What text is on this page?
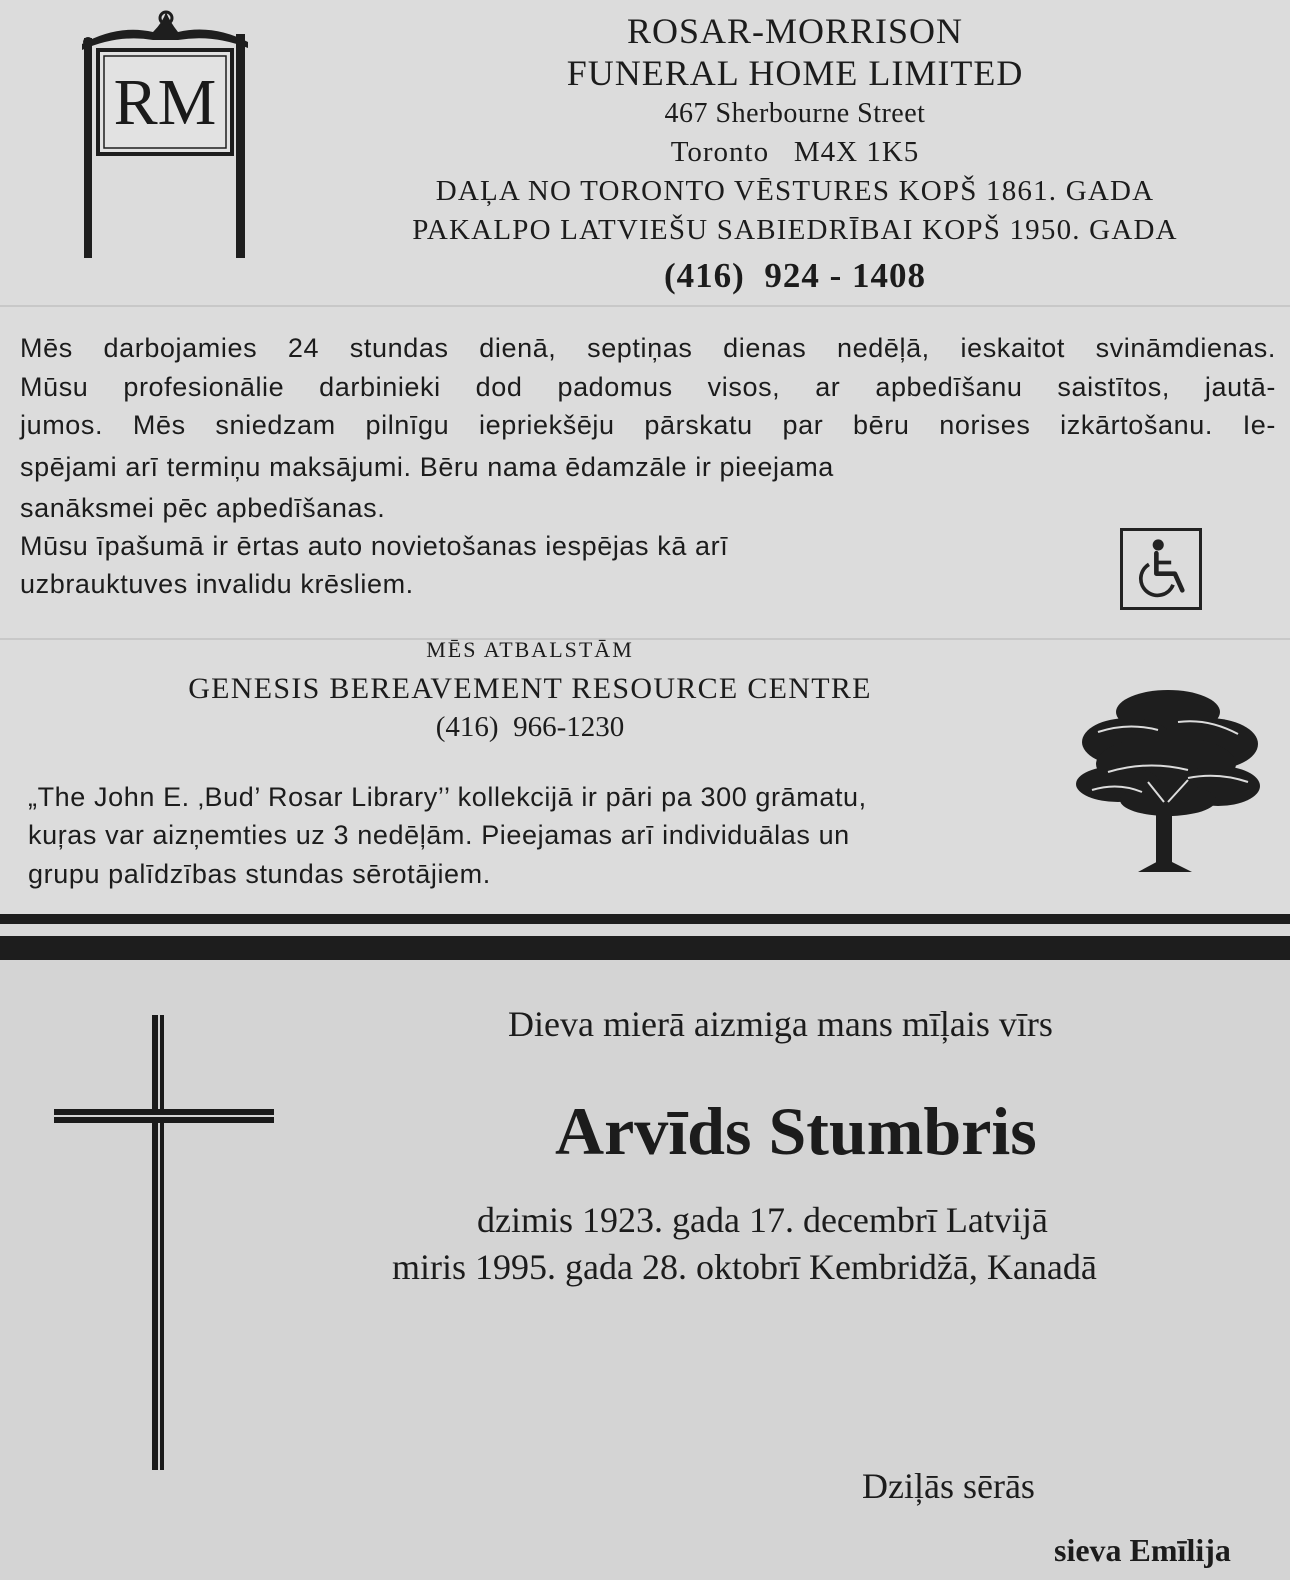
RM
ROSAR-MORRISON
FUNERAL HOME LIMITED
467 Sherbourne Street
Toronto   M4X 1K5
DAĻA NO TORONTO VĒSTURES KOPŠ 1861. GADA
PAKALPO LATVIEŠU SABIEDRĪBAI KOPŠ 1950. GADA
(416)  924 - 1408
Mēs darbojamies 24 stundas dienā, septiņas dienas nedēļā, ieskaitot svināmdienas.
Mūsu profesionālie darbinieki dod padomus visos, ar apbedīšanu saistītos, jautā-
jumos. Mēs sniedzam pilnīgu iepriekšēju pārskatu par bēru norises izkārtošanu. Ie-
spējami arī termiņu maksājumi. Bēru nama ēdamzāle ir pieejama
sanāksmei pēc apbedīšanas.
Mūsu īpašumā ir ērtas auto novietošanas iespējas kā arī
uzbrauktuves invalidu krēsliem.
MĒS ATBALSTĀM
GENESIS BEREAVEMENT RESOURCE CENTRE
(416)  966-1230
„The John E. ‚Bud’ Rosar Library’’ kollekcijā ir pāri pa 300 grāmatu,
kuŗas var aizņemties uz 3 nedēļām. Pieejamas arī individuālas un
grupu palīdzības stundas sērotājiem.
Dieva mierā aizmiga mans mīļais vīrs
Arvīds Stumbris
dzimis 1923. gada 17. decembrī Latvijā
miris 1995. gada 28. oktobrī Kembridžā, Kanadā
Dziļās sērās
sieva Emīlija
